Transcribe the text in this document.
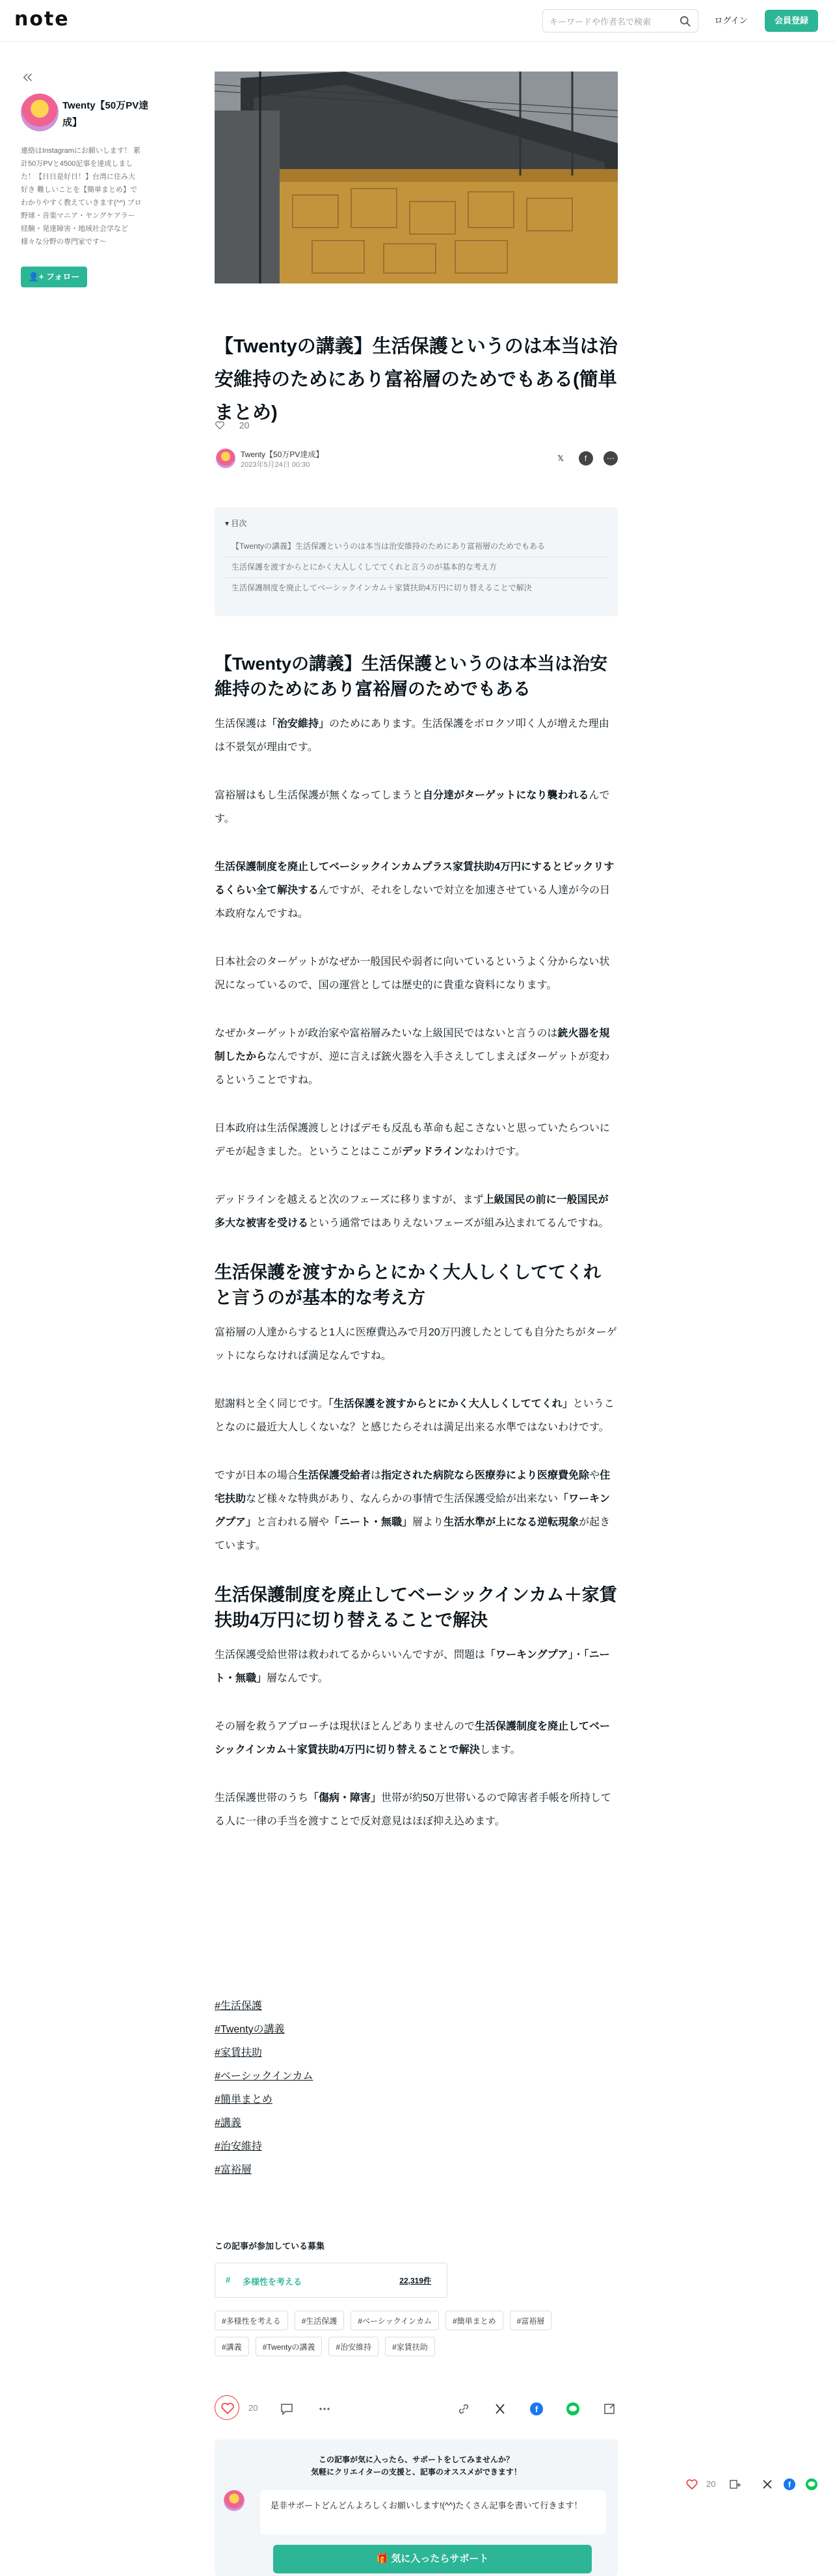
note
キーワードや作者名で検索	ログイン	会員登録
Twenty【50万PV達成】
連絡はInstagramにお願いします！ 累計50万PVと4500記事を達成しました！【日日是好日！】台湾に住み大好き 難しいことを【簡単まとめ】でわかりやすく教えていきます(^^) プロ野球・音楽マニア・ヤングケアラー経験・発達障害・地域社会学など様々な分野の専門家です〜
👤+ フォロー
【Twentyの講義】生活保護というのは本当は治安維持のためにあり富裕層のためでもある(簡単まとめ)
20
Twenty【50万PV達成】
2023年5月24日 00:30
𝕏	f	⋯
▾ 目次
【Twentyの講義】生活保護というのは本当は治安維持のためにあり富裕層のためでもある
生活保護を渡すからとにかく大人しくしててくれと言うのが基本的な考え方
生活保護制度を廃止してベーシックインカム＋家賃扶助4万円に切り替えることで解決
【Twentyの講義】生活保護というのは本当は治安維持のためにあり富裕層のためでもある

生活保護は「治安維持」のためにあります。生活保護をボロクソ叩く人が増えた理由は不景気が理由です。

富裕層はもし生活保護が無くなってしまうと自分達がターゲットになり襲われるんです。

生活保護制度を廃止してベーシックインカムプラス家賃扶助4万円にするとビックリするくらい全て解決するんですが、それをしないで対立を加速させている人達が今の日本政府なんですね。

日本社会のターゲットがなぜか一般国民や弱者に向いているというよく分からない状況になっているので、国の運営としては歴史的に貴重な資料になります。

なぜかターゲットが政治家や富裕層みたいな上級国民ではないと言うのは銃火器を規制したからなんですが、逆に言えば銃火器を入手さえしてしまえばターゲットが変わるということですね。

日本政府は生活保護渡しとけばデモも反乱も革命も起こさないと思っていたらついにデモが起きました。ということはここがデッドラインなわけです。

デッドラインを越えると次のフェーズに移りますが、まず上級国民の前に一般国民が多大な被害を受けるという通常ではありえないフェーズが組み込まれてるんですね。

生活保護を渡すからとにかく大人しくしててくれと言うのが基本的な考え方

富裕層の人達からすると1人に医療費込みで月20万円渡したとしても自分たちがターゲットにならなければ満足なんですね。

慰謝料と全く同じです。「生活保護を渡すからとにかく大人しくしててくれ」ということなのに最近大人しくないな？と感じたらそれは満足出来る水準ではないわけです。

ですが日本の場合生活保護受給者は指定された病院なら医療券により医療費免除や住宅扶助など様々な特典があり、なんらかの事情で生活保護受給が出来ない「ワーキングプア」と言われる層や「ニート・無職」層より生活水準が上になる逆転現象が起きています。

生活保護制度を廃止してベーシックインカム＋家賃扶助4万円に切り替えることで解決

生活保護受給世帯は救われてるからいいんですが、問題は「ワーキングプア」・「ニート・無職」層なんです。

その層を救うアプローチは現状ほとんどありませんので生活保護制度を廃止してベーシックインカム＋家賃扶助4万円に切り替えることで解決します。

生活保護世帯のうち「傷病・障害」世帯が約50万世帯いるので障害者手帳を所持してる人に一律の手当を渡すことで反対意見はほぼ抑え込めます。

#生活保護
#Twentyの講義
#家賃扶助
#ベーシックインカム
#簡単まとめ
#講義
#治安維持
#富裕層
この記事が参加している募集
# 多様性を考える	22,319件
#多様性を考える	#生活保護	#ベーシックインカム	#簡単まとめ	#富裕層
#講義	#Twentyの講義	#治安維持	#家賃扶助
20	f
この記事が気に入ったら、サポートをしてみませんか？
気軽にクリエイターの支援と、記事のオススメができます！
是非サポートどんどんよろしくお願いします!(^^)たくさん記事を書いて行きます！
🎁 気に入ったらサポート
20	f
